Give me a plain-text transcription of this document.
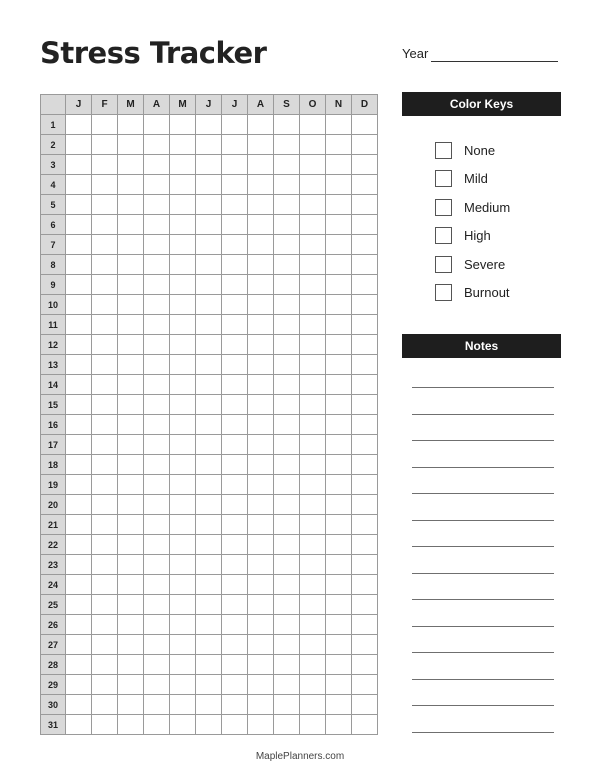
Stress Tracker	Year
	J	F	M	A	M	J	J	A	S	O	N	D
1												
2												
3												
4												
5												
6												
7												
8												
9												
10												
11												
12												
13												
14												
15												
16												
17												
18												
19												
20												
21												
22												
23												
24												
25												
26												
27												
28												
29												
30												
31												
Color Keys
None
Mild
Medium
High
Severe
Burnout
Notes
MaplePlanners.com
